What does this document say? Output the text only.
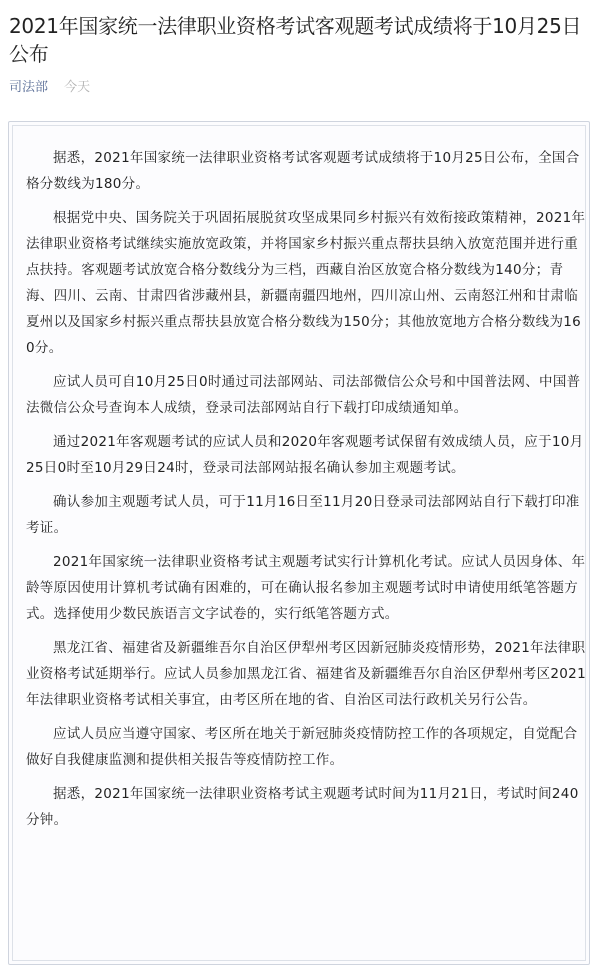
2021年国家统一法律职业资格考试客观题考试成绩将于10月25日公布
司法部 今天

据悉，2021年国家统一法律职业资格考试客观题考试成绩将于10月25日公布，全国合格分数线为180分。

根据党中央、国务院关于巩固拓展脱贫攻坚成果同乡村振兴有效衔接政策精神，2021年法律职业资格考试继续实施放宽政策，并将国家乡村振兴重点帮扶县纳入放宽范围并进行重点扶持。客观题考试放宽合格分数线分为三档，西藏自治区放宽合格分数线为140分；青海、四川、云南、甘肃四省涉藏州县，新疆南疆四地州，四川凉山州、云南怒江州和甘肃临夏州以及国家乡村振兴重点帮扶县放宽合格分数线为150分；其他放宽地方合格分数线为160分。

应试人员可自10月25日0时通过司法部网站、司法部微信公众号和中国普法网、中国普法微信公众号查询本人成绩，登录司法部网站自行下载打印成绩通知单。

通过2021年客观题考试的应试人员和2020年客观题考试保留有效成绩人员，应于10月25日0时至10月29日24时，登录司法部网站报名确认参加主观题考试。

确认参加主观题考试人员，可于11月16日至11月20日登录司法部网站自行下载打印准考证。

2021年国家统一法律职业资格考试主观题考试实行计算机化考试。应试人员因身体、年龄等原因使用计算机考试确有困难的，可在确认报名参加主观题考试时申请使用纸笔答题方式。选择使用少数民族语言文字试卷的，实行纸笔答题方式。

黑龙江省、福建省及新疆维吾尔自治区伊犁州考区因新冠肺炎疫情形势，2021年法律职业资格考试延期举行。应试人员参加黑龙江省、福建省及新疆维吾尔自治区伊犁州考区2021年法律职业资格考试相关事宜，由考区所在地的省、自治区司法行政机关另行公告。

应试人员应当遵守国家、考区所在地关于新冠肺炎疫情防控工作的各项规定，自觉配合做好自我健康监测和提供相关报告等疫情防控工作。

据悉，2021年国家统一法律职业资格考试主观题考试时间为11月21日，考试时间240分钟。
